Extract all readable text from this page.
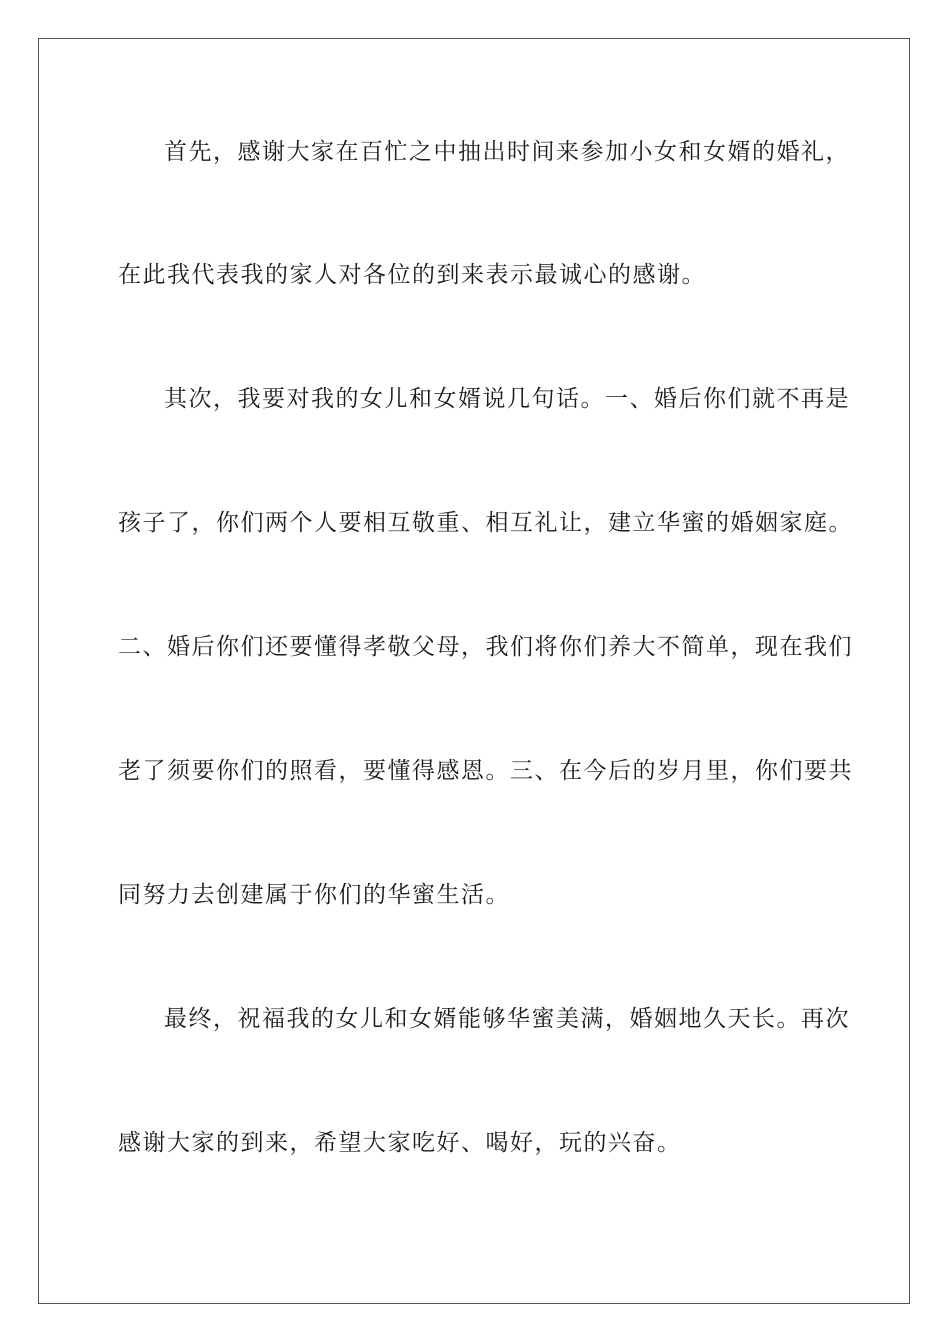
首先，感谢大家在百忙之中抽出时间来参加小女和女婿的婚礼，
在此我代表我的家人对各位的到来表示最诚心的感谢。
其次，我要对我的女儿和女婿说几句话。一、婚后你们就不再是
孩子了，你们两个人要相互敬重、相互礼让，建立华蜜的婚姻家庭。
二、婚后你们还要懂得孝敬父母，我们将你们养大不简单，现在我们
老了须要你们的照看，要懂得感恩。三、在今后的岁月里，你们要共
同努力去创建属于你们的华蜜生活。
最终，祝福我的女儿和女婿能够华蜜美满，婚姻地久天长。再次
感谢大家的到来，希望大家吃好、喝好，玩的兴奋。
